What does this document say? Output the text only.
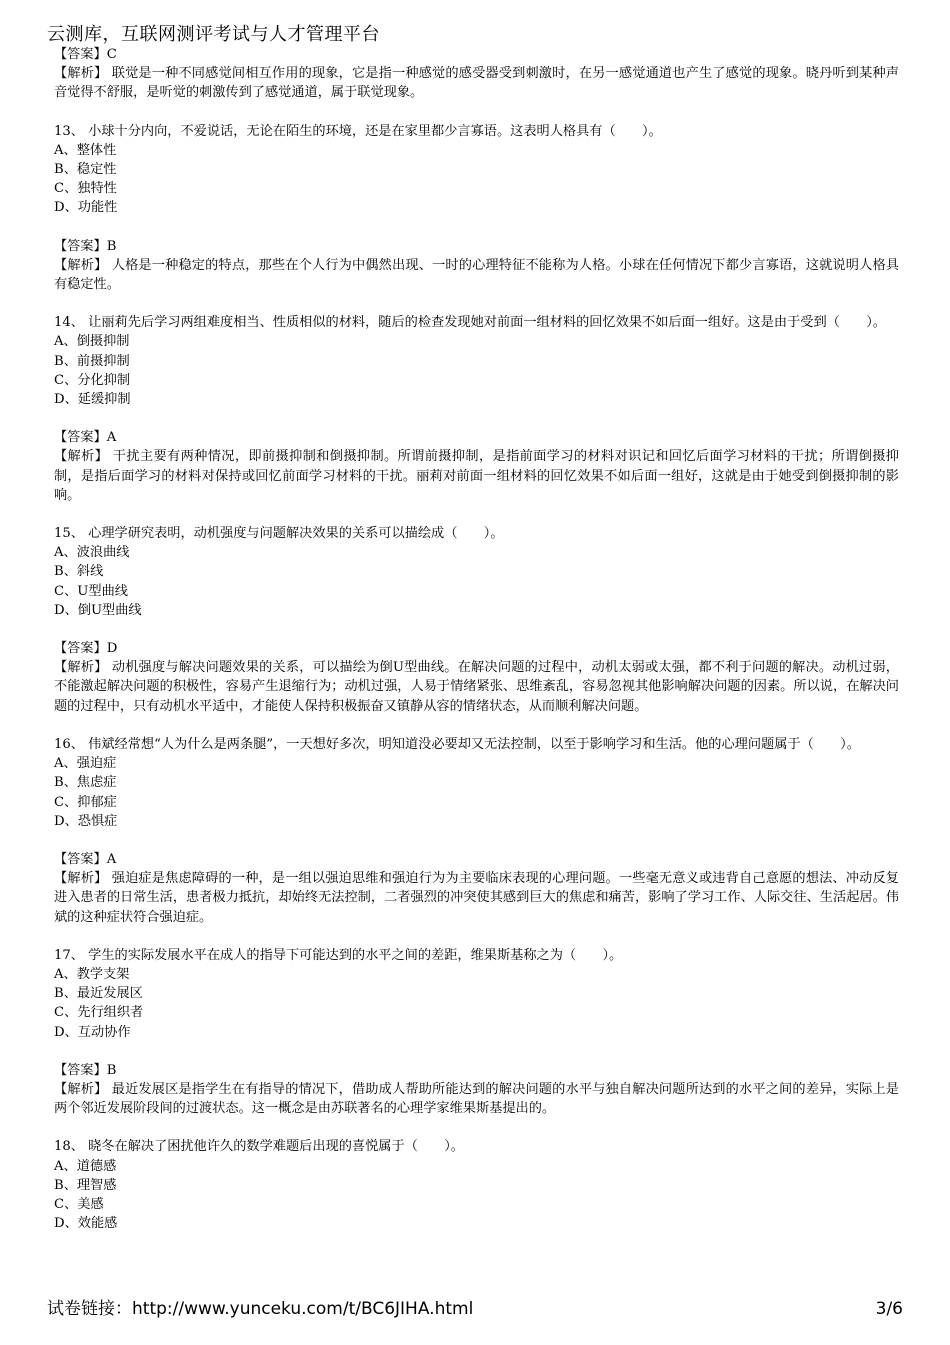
云测库，互联网测评考试与人才管理平台

【答案】C

【解析】 联觉是一种不同感觉间相互作用的现象，它是指一种感觉的感受器受到刺激时，在另一感觉通道也产生了感觉的现象。晓丹听到某种声音觉得不舒服，是听觉的刺激传到了感觉通道，属于联觉现象。

13、 小球十分内向，不爱说话，无论在陌生的环境，还是在家里都少言寡语。这表明人格具有（　　）。

A、整体性

B、稳定性

C、独特性

D、功能性

【答案】B

【解析】 人格是一种稳定的特点，那些在个人行为中偶然出现、一时的心理特征不能称为人格。小球在任何情况下都少言寡语，这就说明人格具有稳定性。

14、 让丽莉先后学习两组难度相当、性质相似的材料，随后的检查发现她对前面一组材料的回忆效果不如后面一组好。这是由于受到（　　）。

A、倒摄抑制

B、前摄抑制

C、分化抑制

D、延缓抑制

【答案】A

【解析】 干扰主要有两种情况，即前摄抑制和倒摄抑制。所谓前摄抑制，是指前面学习的材料对识记和回忆后面学习材料的干扰；所谓倒摄抑制，是指后面学习的材料对保持或回忆前面学习材料的干扰。丽莉对前面一组材料的回忆效果不如后面一组好，这就是由于她受到倒摄抑制的影响。

15、 心理学研究表明，动机强度与问题解决效果的关系可以描绘成（　　）。

A、波浪曲线

B、斜线

C、U型曲线

D、倒U型曲线

【答案】D

【解析】 动机强度与解决问题效果的关系，可以描绘为倒U型曲线。在解决问题的过程中，动机太弱或太强，都不利于问题的解决。动机过弱，不能激起解决问题的积极性，容易产生退缩行为；动机过强，人易于情绪紧张、思维紊乱，容易忽视其他影响解决问题的因素。所以说，在解决问题的过程中，只有动机水平适中，才能使人保持积极振奋又镇静从容的情绪状态，从而顺利解决问题。

16、 伟斌经常想“人为什么是两条腿”，一天想好多次，明知道没必要却又无法控制，以至于影响学习和生活。他的心理问题属于（　　）。

A、强迫症

B、焦虑症

C、抑郁症

D、恐惧症

【答案】A

【解析】 强迫症是焦虑障碍的一种，是一组以强迫思维和强迫行为为主要临床表现的心理问题。一些毫无意义或违背自己意愿的想法、冲动反复进入患者的日常生活，患者极力抵抗，却始终无法控制，二者强烈的冲突使其感到巨大的焦虑和痛苦，影响了学习工作、人际交往、生活起居。伟斌的这种症状符合强迫症。

17、 学生的实际发展水平在成人的指导下可能达到的水平之间的差距，维果斯基称之为（　　）。

A、教学支架

B、最近发展区

C、先行组织者

D、互动协作

【答案】B

【解析】 最近发展区是指学生在有指导的情况下，借助成人帮助所能达到的解决问题的水平与独自解决问题所达到的水平之间的差异，实际上是两个邻近发展阶段间的过渡状态。这一概念是由苏联著名的心理学家维果斯基提出的。

18、 晓冬在解决了困扰他许久的数学难题后出现的喜悦属于（　　）。

A、道德感

B、理智感

C、美感

D、效能感

试卷链接：http://www.yunceku.com/t/BC6JIHA.html	3/6
